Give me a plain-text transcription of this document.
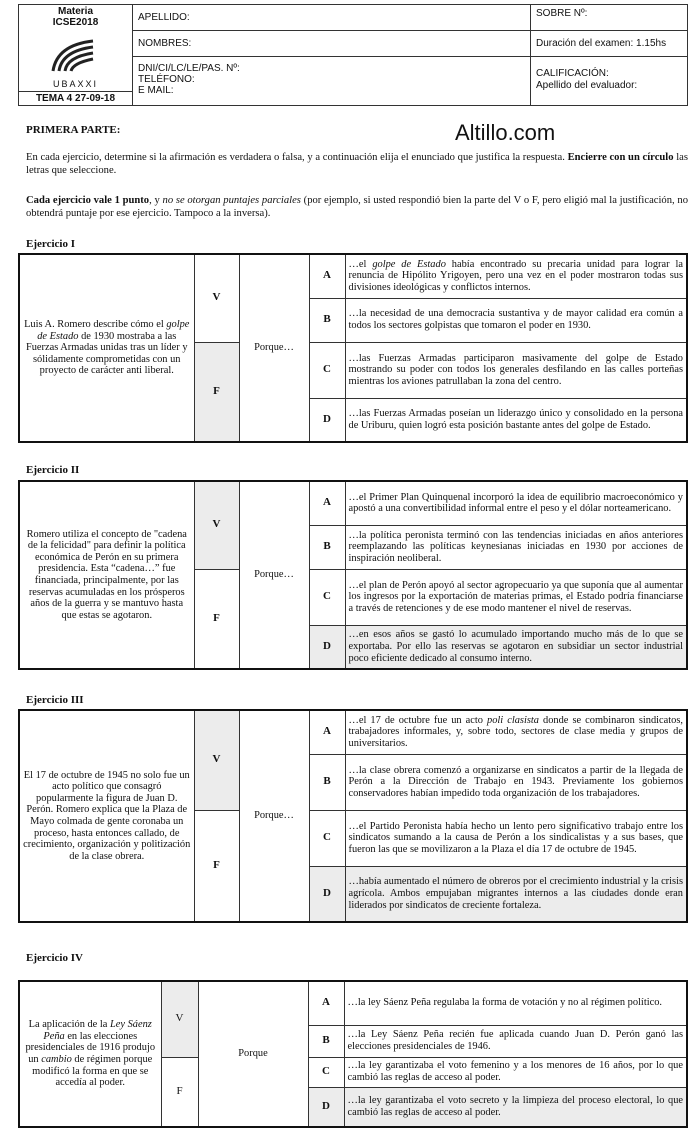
Materia
ICSE2018
UBAXXI
TEMA 4 27-09-18
APELLIDO:
NOMBRES:
DNI/CI/LC/LE/PAS. Nº:
TELÉFONO:
E MAIL:
SOBRE Nº:
Duración del examen: 1.15hs
CALIFICACIÓN:
Apellido del evaluador:
Altillo.com
PRIMERA PARTE:
En cada ejercicio, determine si la afirmación es verdadera o falsa, y a continuación elija el enunciado que justifica la respuesta. Encierre con un círculo las letras que seleccione.
Cada ejercicio vale 1 punto, y no se otorgan puntajes parciales (por ejemplo, si usted respondió bien la parte del V o F, pero eligió mal la justificación, no obtendrá puntaje por ese ejercicio. Tampoco a la inversa).
Ejercicio I
Luis A. Romero describe cómo el golpe de Estado de 1930 mostraba a las Fuerzas Armadas unidas tras un líder y sólidamente comprometidas con un proyecto de carácter anti liberal.	V	Porque…	A	…el golpe de Estado había encontrado su precaria unidad para lograr la renuncia de Hipólito Yrigoyen, pero una vez en el poder mostraron todas sus divisiones ideológicas y conflictos internos.
			B	…la necesidad de una democracia sustantiva y de mayor calidad era común a todos los sectores golpistas que tomaron el poder en 1930.
	F		C	…las Fuerzas Armadas participaron masivamente del golpe de Estado mostrando su poder con todos los generales desfilando en las calles porteñas mientras los aviones patrullaban la zona del centro.
			D	…las Fuerzas Armadas poseían un liderazgo único y consolidado en la persona de Uriburu, quien logró esta posición bastante antes del golpe de Estado.
Ejercicio II
Romero utiliza el concepto de "cadena de la felicidad" para definir la política económica de Perón en su primera presidencia. Esta “cadena…” fue financiada, principalmente, por las reservas acumuladas en los prósperos años de la guerra y se mantuvo hasta que estas se agotaron.	V	Porque…	A	…el Primer Plan Quinquenal incorporó la idea de equilibrio macroeconómico y apostó a una convertibilidad informal entre el peso y el dólar norteamericano.
			B	…la política peronista terminó con las tendencias iniciadas en años anteriores reemplazando las políticas keynesianas iniciadas en 1930 por acciones de inspiración neoliberal.
	F		C	…el plan de Perón apoyó al sector agropecuario ya que suponía que al aumentar los ingresos por la exportación de materias primas, el Estado podría financiarse a través de retenciones y de ese modo mantener el nivel de reservas.
			D	…en esos años se gastó lo acumulado importando mucho más de lo que se exportaba. Por ello las reservas se agotaron en subsidiar un sector industrial poco eficiente dedicado al consumo interno.
Ejercicio III
El 17 de octubre de 1945 no solo fue un acto político que consagró popularmente la figura de Juan D. Perón. Romero explica que la Plaza de Mayo colmada de gente coronaba un proceso, hasta entonces callado, de crecimiento, organización y politización de la clase obrera.	V	Porque…	A	…el 17 de octubre fue un acto poli clasista donde se combinaron sindicatos, trabajadores informales, y, sobre todo, sectores de clase media y grupos de universitarios.
			B	…la clase obrera comenzó a organizarse en sindicatos a partir de la llegada de Perón a la Dirección de Trabajo en 1943. Previamente los gobiernos conservadores habían impedido toda organización de los trabajadores.
	F		C	…el Partido Peronista había hecho un lento pero significativo trabajo entre los sindicatos sumando a la causa de Perón a los sindicalistas y a sus bases, que fueron las que se movilizaron a la Plaza el día 17 de octubre de 1945.
			D	…había aumentado el número de obreros por el crecimiento industrial y la crisis agrícola. Ambos empujaban migrantes internos a las ciudades donde eran liderados por sindicatos de creciente fortaleza.
Ejercicio IV
La aplicación de la Ley Sáenz Peña en las elecciones presidenciales de 1916 produjo un cambio de régimen porque modificó la forma en que se accedía al poder.	V	Porque	A	…la ley Sáenz Peña regulaba la forma de votación y no al régimen político.
			B	…la Ley Sáenz Peña recién fue aplicada cuando Juan D. Perón ganó las elecciones presidenciales de 1946.
	F		C	…la ley garantizaba el voto femenino y a los menores de 16 años, por lo que cambió las reglas de acceso al poder.
			D	…la ley garantizaba el voto secreto y la limpieza del proceso electoral, lo que cambió las reglas de acceso al poder.
